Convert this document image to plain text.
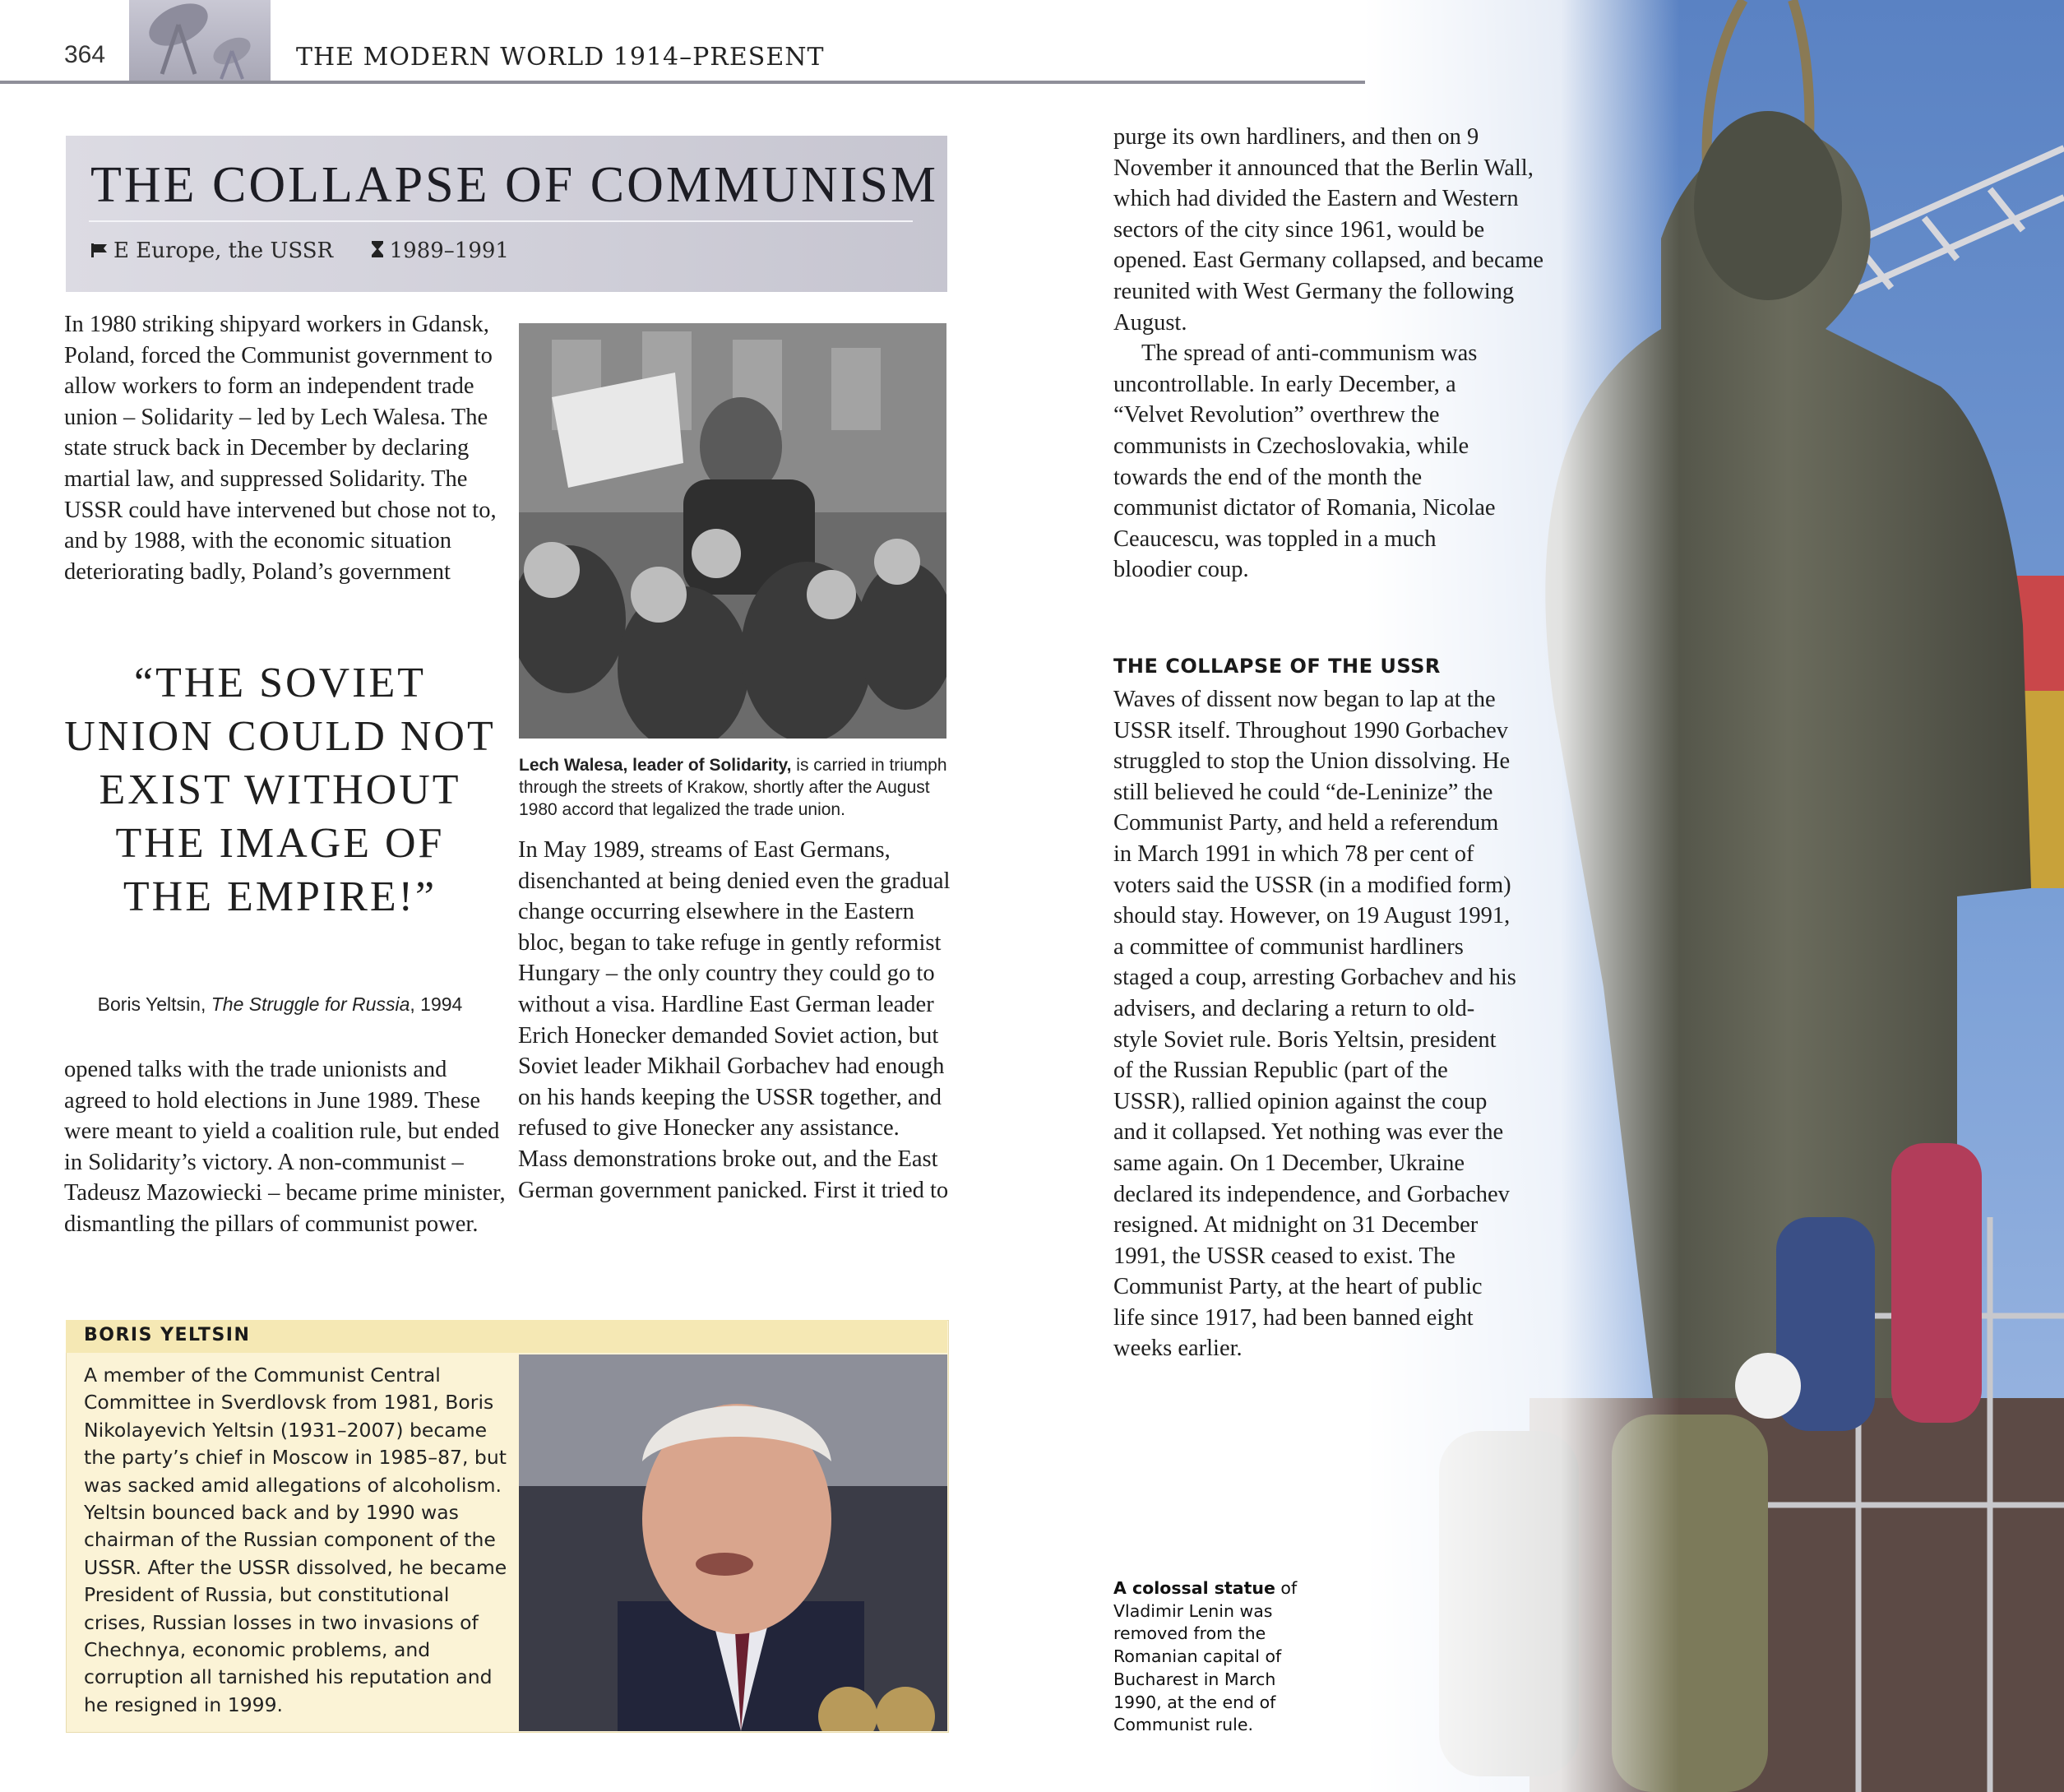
364	THE MODERN WORLD 1914–PRESENT
THE COLLAPSE OF COMMUNISM
E Europe, the USSR	1989–1991

In 1980 striking shipyard workers in Gdansk, Poland, forced the Communist government to allow workers to form an independent trade union – Solidarity – led by Lech Walesa. The state struck back in December by declaring martial law, and suppressed Solidarity. The USSR could have intervened but chose not to, and by 1988, with the economic situation deteriorating badly, Poland’s government

“THE SOVIET UNION COULD NOT EXIST WITHOUT THE IMAGE OF THE EMPIRE!”
Boris Yeltsin, The Struggle for Russia, 1994

opened talks with the trade unionists and agreed to hold elections in June 1989. These were meant to yield a coalition rule, but ended in Solidarity’s victory. A non-communist – Tadeusz Mazowiecki – became prime minister, dismantling the pillars of communist power.

Lech Walesa, leader of Solidarity, is carried in triumph through the streets of Krakow, shortly after the August 1980 accord that legalized the trade union.

In May 1989, streams of East Germans, disenchanted at being denied even the gradual change occurring elsewhere in the Eastern bloc, began to take refuge in gently reformist Hungary – the only country they could go to without a visa. Hardline East German leader Erich Honecker demanded Soviet action, but Soviet leader Mikhail Gorbachev had enough on his hands keeping the USSR together, and refused to give Honecker any assistance. Mass demonstrations broke out, and the East German government panicked. First it tried to

purge its own hardliners, and then on 9 November it announced that the Berlin Wall, which had divided the Eastern and Western sectors of the city since 1961, would be opened. East Germany collapsed, and became reunited with West Germany the following August.

The spread of anti-communism was uncontrollable. In early December, a “Velvet Revolution” overthrew the communists in Czechoslovakia, while towards the end of the month the communist dictator of Romania, Nicolae Ceaucescu, was toppled in a much bloodier coup.

THE COLLAPSE OF THE USSR

Waves of dissent now began to lap at the USSR itself. Throughout 1990 Gorbachev struggled to stop the Union dissolving. He still believed he could “de-Leninize” the Communist Party, and held a referendum in March 1991 in which 78 per cent of voters said the USSR (in a modified form) should stay. However, on 19 August 1991, a committee of communist hardliners staged a coup, arresting Gorbachev and his advisers, and declaring a return to old-style Soviet rule. Boris Yeltsin, president of the Russian Republic (part of the USSR), rallied opinion against the coup and it collapsed. Yet nothing was ever the same again. On 1 December, Ukraine declared its independence, and Gorbachev resigned. At midnight on 31 December 1991, the USSR ceased to exist. The Communist Party, at the heart of public life since 1917, had been banned eight weeks earlier.

BORIS YELTSIN
A member of the Communist Central Committee in Sverdlovsk from 1981, Boris Nikolayevich Yeltsin (1931–2007) became the party’s chief in Moscow in 1985–87, but was sacked amid allegations of alcoholism. Yeltsin bounced back and by 1990 was chairman of the Russian component of the USSR. After the USSR dissolved, he became President of Russia, but constitutional crises, Russian losses in two invasions of Chechnya, economic problems, and corruption all tarnished his reputation and he resigned in 1999.
A colossal statue of Vladimir Lenin was removed from the Romanian capital of Bucharest in March 1990, at the end of Communist rule.
